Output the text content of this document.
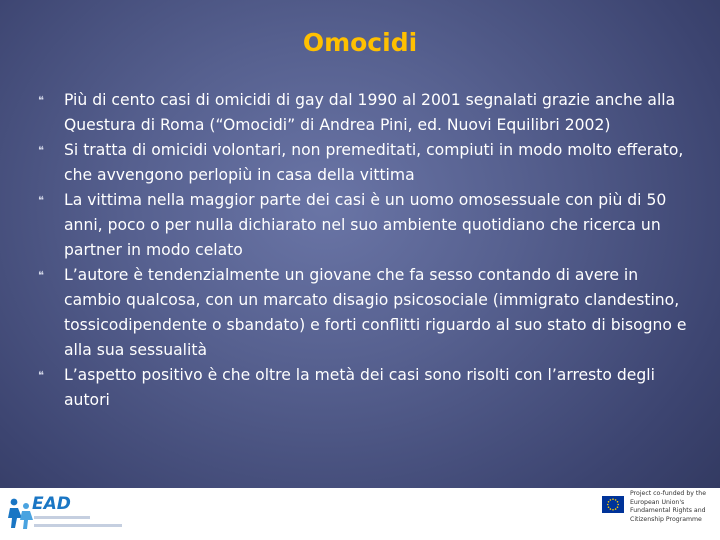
Omocidi
❝	Più di cento casi di omicidi di gay dal 1990 al 2001 segnalati grazie anche alla Questura di Roma (“Omocidi” di Andrea Pini, ed. Nuovi Equilibri 2002)
❝	Si tratta di omicidi volontari, non premeditati, compiuti in modo molto efferato, che avvengono perlopiù in casa della vittima
❝	La vittima nella maggior parte dei casi è un uomo omosessuale con più di 50 anni, poco o per nulla dichiarato nel suo ambiente quotidiano che ricerca un partner in modo celato
❝	L’autore è tendenzialmente un giovane che fa sesso contando di avere in cambio qualcosa, con un marcato disagio psicosociale (immigrato clandestino, tossicodipendente o sbandato) e forti conflitti riguardo al suo stato di bisogno e alla sua sessualità
❝	L’aspetto positivo è che oltre la metà dei casi sono risolti con l’arresto degli autori
EAD
Project co-funded by the
European Union's
Fundamental Rights and
Citizenship Programme
